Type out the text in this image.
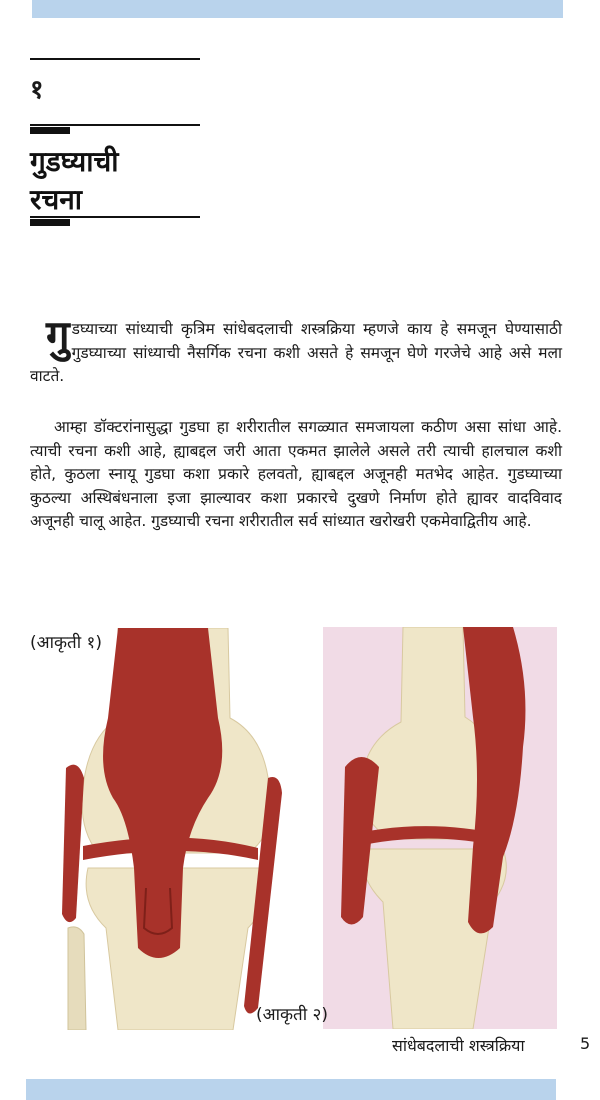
१
गुडघ्याची
रचना
गुडघ्याच्या सांध्याची कृत्रिम सांधेबदलाची शस्त्रक्रिया म्हणजे काय हे समजून घेण्यासाठी गुडघ्याच्या सांध्याची नैसर्गिक रचना कशी असते हे समजून घेणे गरजेचे आहे असे मला वाटते.
आम्हा डॉक्टरांनासुद्धा गुडघा हा शरीरातील सगळ्यात समजायला कठीण असा सांधा आहे. त्याची रचना कशी आहे, ह्याबद्दल जरी आता एकमत झालेले असले तरी त्याची हालचाल कशी होते, कुठला स्नायू गुडघा कशा प्रकारे हलवतो, ह्याबद्दल अजूनही मतभेद आहेत. गुडघ्याच्या कुठल्या अस्थिबंधनाला इजा झाल्यावर कशा प्रकारचे दुखणे निर्माण होते ह्यावर वादविवाद अजूनही चालू आहेत. गुडघ्याची रचना शरीरातील सर्व सांध्यात खरोखरी एकमेवाद्वितीय आहे.
(आकृती १)
(आकृती २)
सांधेबदलाची शस्त्रक्रिया	5
